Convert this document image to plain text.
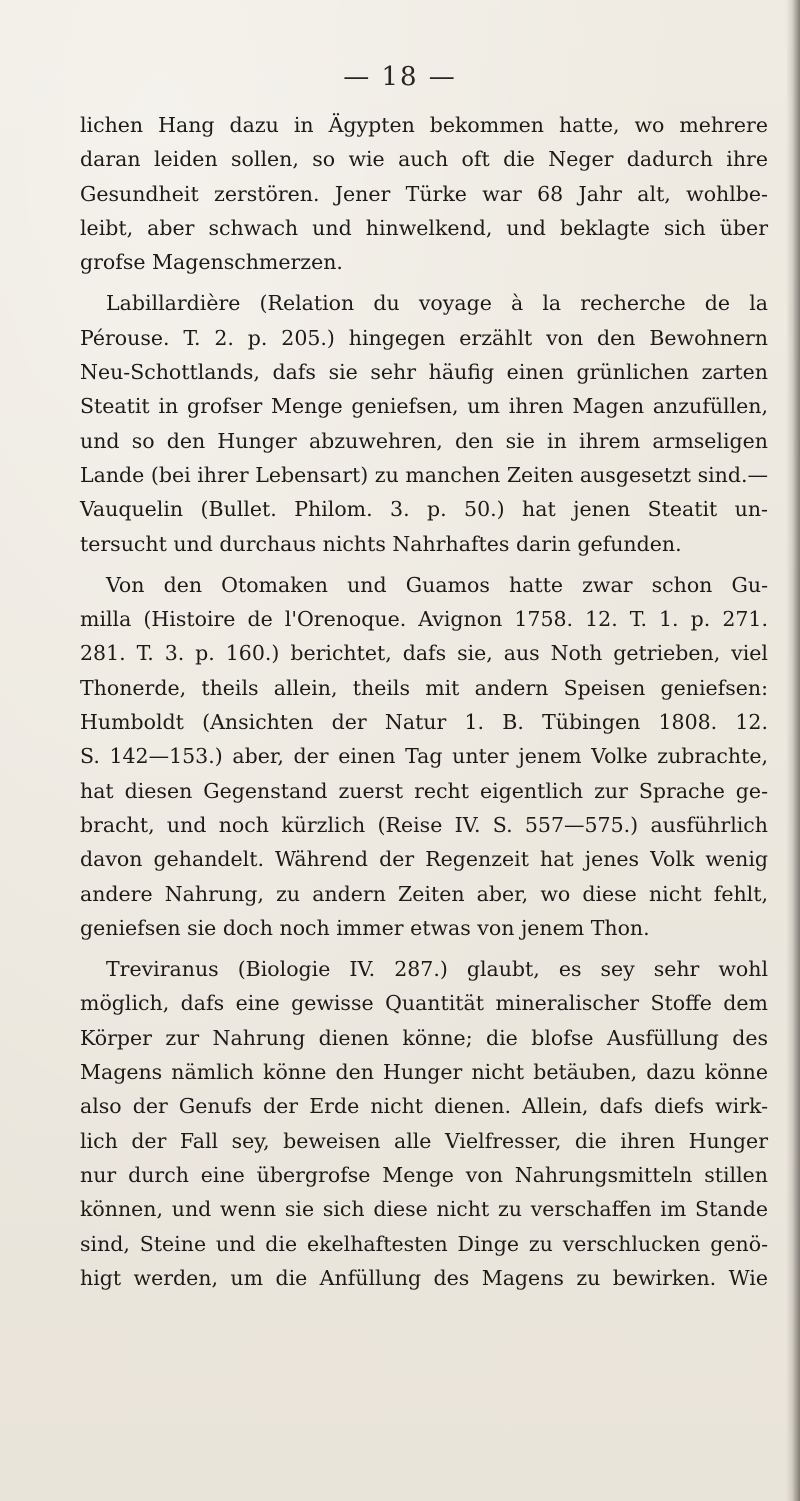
— 18 —
lichen Hang dazu in Ägypten bekommen hatte, wo mehrere
daran leiden sollen, so wie auch oft die Neger dadurch ihre
Gesundheit zerstören. Jener Türke war 68 Jahr alt, wohlbe-
leibt, aber schwach und hinwelkend, und beklagte sich über
grofse Magenschmerzen.
Labillardière (Relation du voyage à la recherche de la
Pérouse. T. 2. p. 205.) hingegen erzählt von den Bewohnern
Neu-Schottlands, dafs sie sehr häufig einen grünlichen zarten
Steatit in grofser Menge geniefsen, um ihren Magen anzufüllen,
und so den Hunger abzuwehren, den sie in ihrem armseligen
Lande (bei ihrer Lebensart) zu manchen Zeiten ausgesetzt sind.—
Vauquelin (Bullet. Philom. 3. p. 50.) hat jenen Steatit un-
tersucht und durchaus nichts Nahrhaftes darin gefunden.
Von den Otomaken und Guamos hatte zwar schon Gu-
milla (Histoire de l'Orenoque. Avignon 1758. 12. T. 1. p. 271.
281. T. 3. p. 160.) berichtet, dafs sie, aus Noth getrieben, viel
Thonerde, theils allein, theils mit andern Speisen geniefsen:
Humboldt (Ansichten der Natur 1. B. Tübingen 1808. 12.
S. 142—153.) aber, der einen Tag unter jenem Volke zubrachte,
hat diesen Gegenstand zuerst recht eigentlich zur Sprache ge-
bracht, und noch kürzlich (Reise IV. S. 557—575.) ausführlich
davon gehandelt. Während der Regenzeit hat jenes Volk wenig
andere Nahrung, zu andern Zeiten aber, wo diese nicht fehlt,
geniefsen sie doch noch immer etwas von jenem Thon.
Treviranus (Biologie IV. 287.) glaubt, es sey sehr wohl
möglich, dafs eine gewisse Quantität mineralischer Stoffe dem
Körper zur Nahrung dienen könne; die blofse Ausfüllung des
Magens nämlich könne den Hunger nicht betäuben, dazu könne
also der Genufs der Erde nicht dienen. Allein, dafs diefs wirk-
lich der Fall sey, beweisen alle Vielfresser, die ihren Hunger
nur durch eine übergrofse Menge von Nahrungsmitteln stillen
können, und wenn sie sich diese nicht zu verschaffen im Stande
sind, Steine und die ekelhaftesten Dinge zu verschlucken genö-
higt werden, um die Anfüllung des Magens zu bewirken. Wie
